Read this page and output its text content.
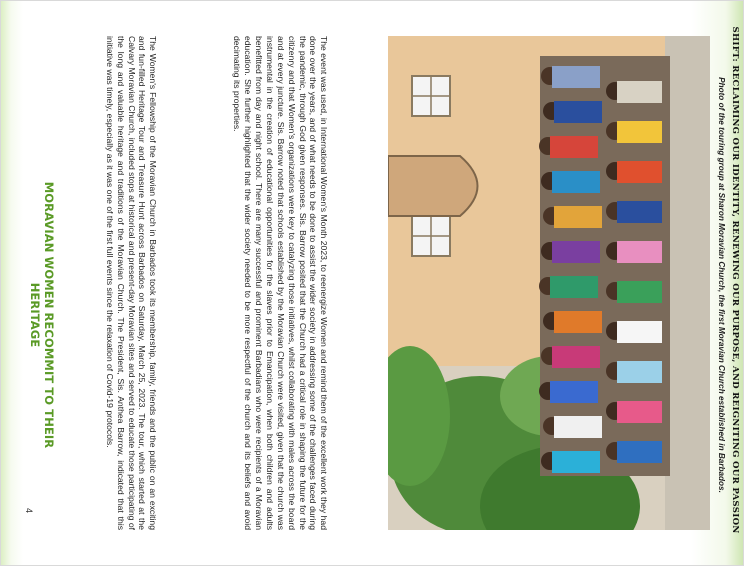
4
MORAVIAN WOMEN RECOMMIT TO THEIR HERITAGE	The Women's Fellowship of the Moravian Church in Barbados took its membership, family, friends and the public on an exciting and fun-filled Heritage Tour and Treasure Hunt across Barbados on Saturday, March 25, 2023. The tour, which started at the Calvary Moravian Church, included stops at historical and present-day Moravian sites and served to educate those participating of the long and valuable heritage and traditions of the Moravian Church. The President, Sis. Anthea Barrow, indicated that this initiative was timely, especially as it was one of the first full events since the relaxation of Covid-19 protocols.	The event was used, in International Women's Month 2023, to reenergize Women and remind them of the excellent work they had done over the years, and of what needs to be done to assist the wider society in addressing some of the challenges faced during the pandemic, through God given responses. Sis. Barrow posited that the Church had a critical role in shaping the future for the citizenry and that Women's organizations were key to catalyzing those initiatives, whilst collaborating with males across the board and at every juncture. Sis. Barrow noted that schools established by the Moravian Church were visited, given that the church was instrumental in the creation of educational opportunities for the slaves prior to Emancipation, when both children and adults benefitted from day and night school. There are many successful and prominent Barbadians who were recipients of a Moravian education. She further highlighted that the wider society needed to be more respectful of the church and its beliefs and avoid decimating its properties.	Photo of the touring group at Sharon Moravian Church, the first Moravian Church established in Barbados. SHIFT: RECLAIMING OUR IDENTITY, RENEWING OUR PURPOSE, AND REIGNITING OUR PASSION
